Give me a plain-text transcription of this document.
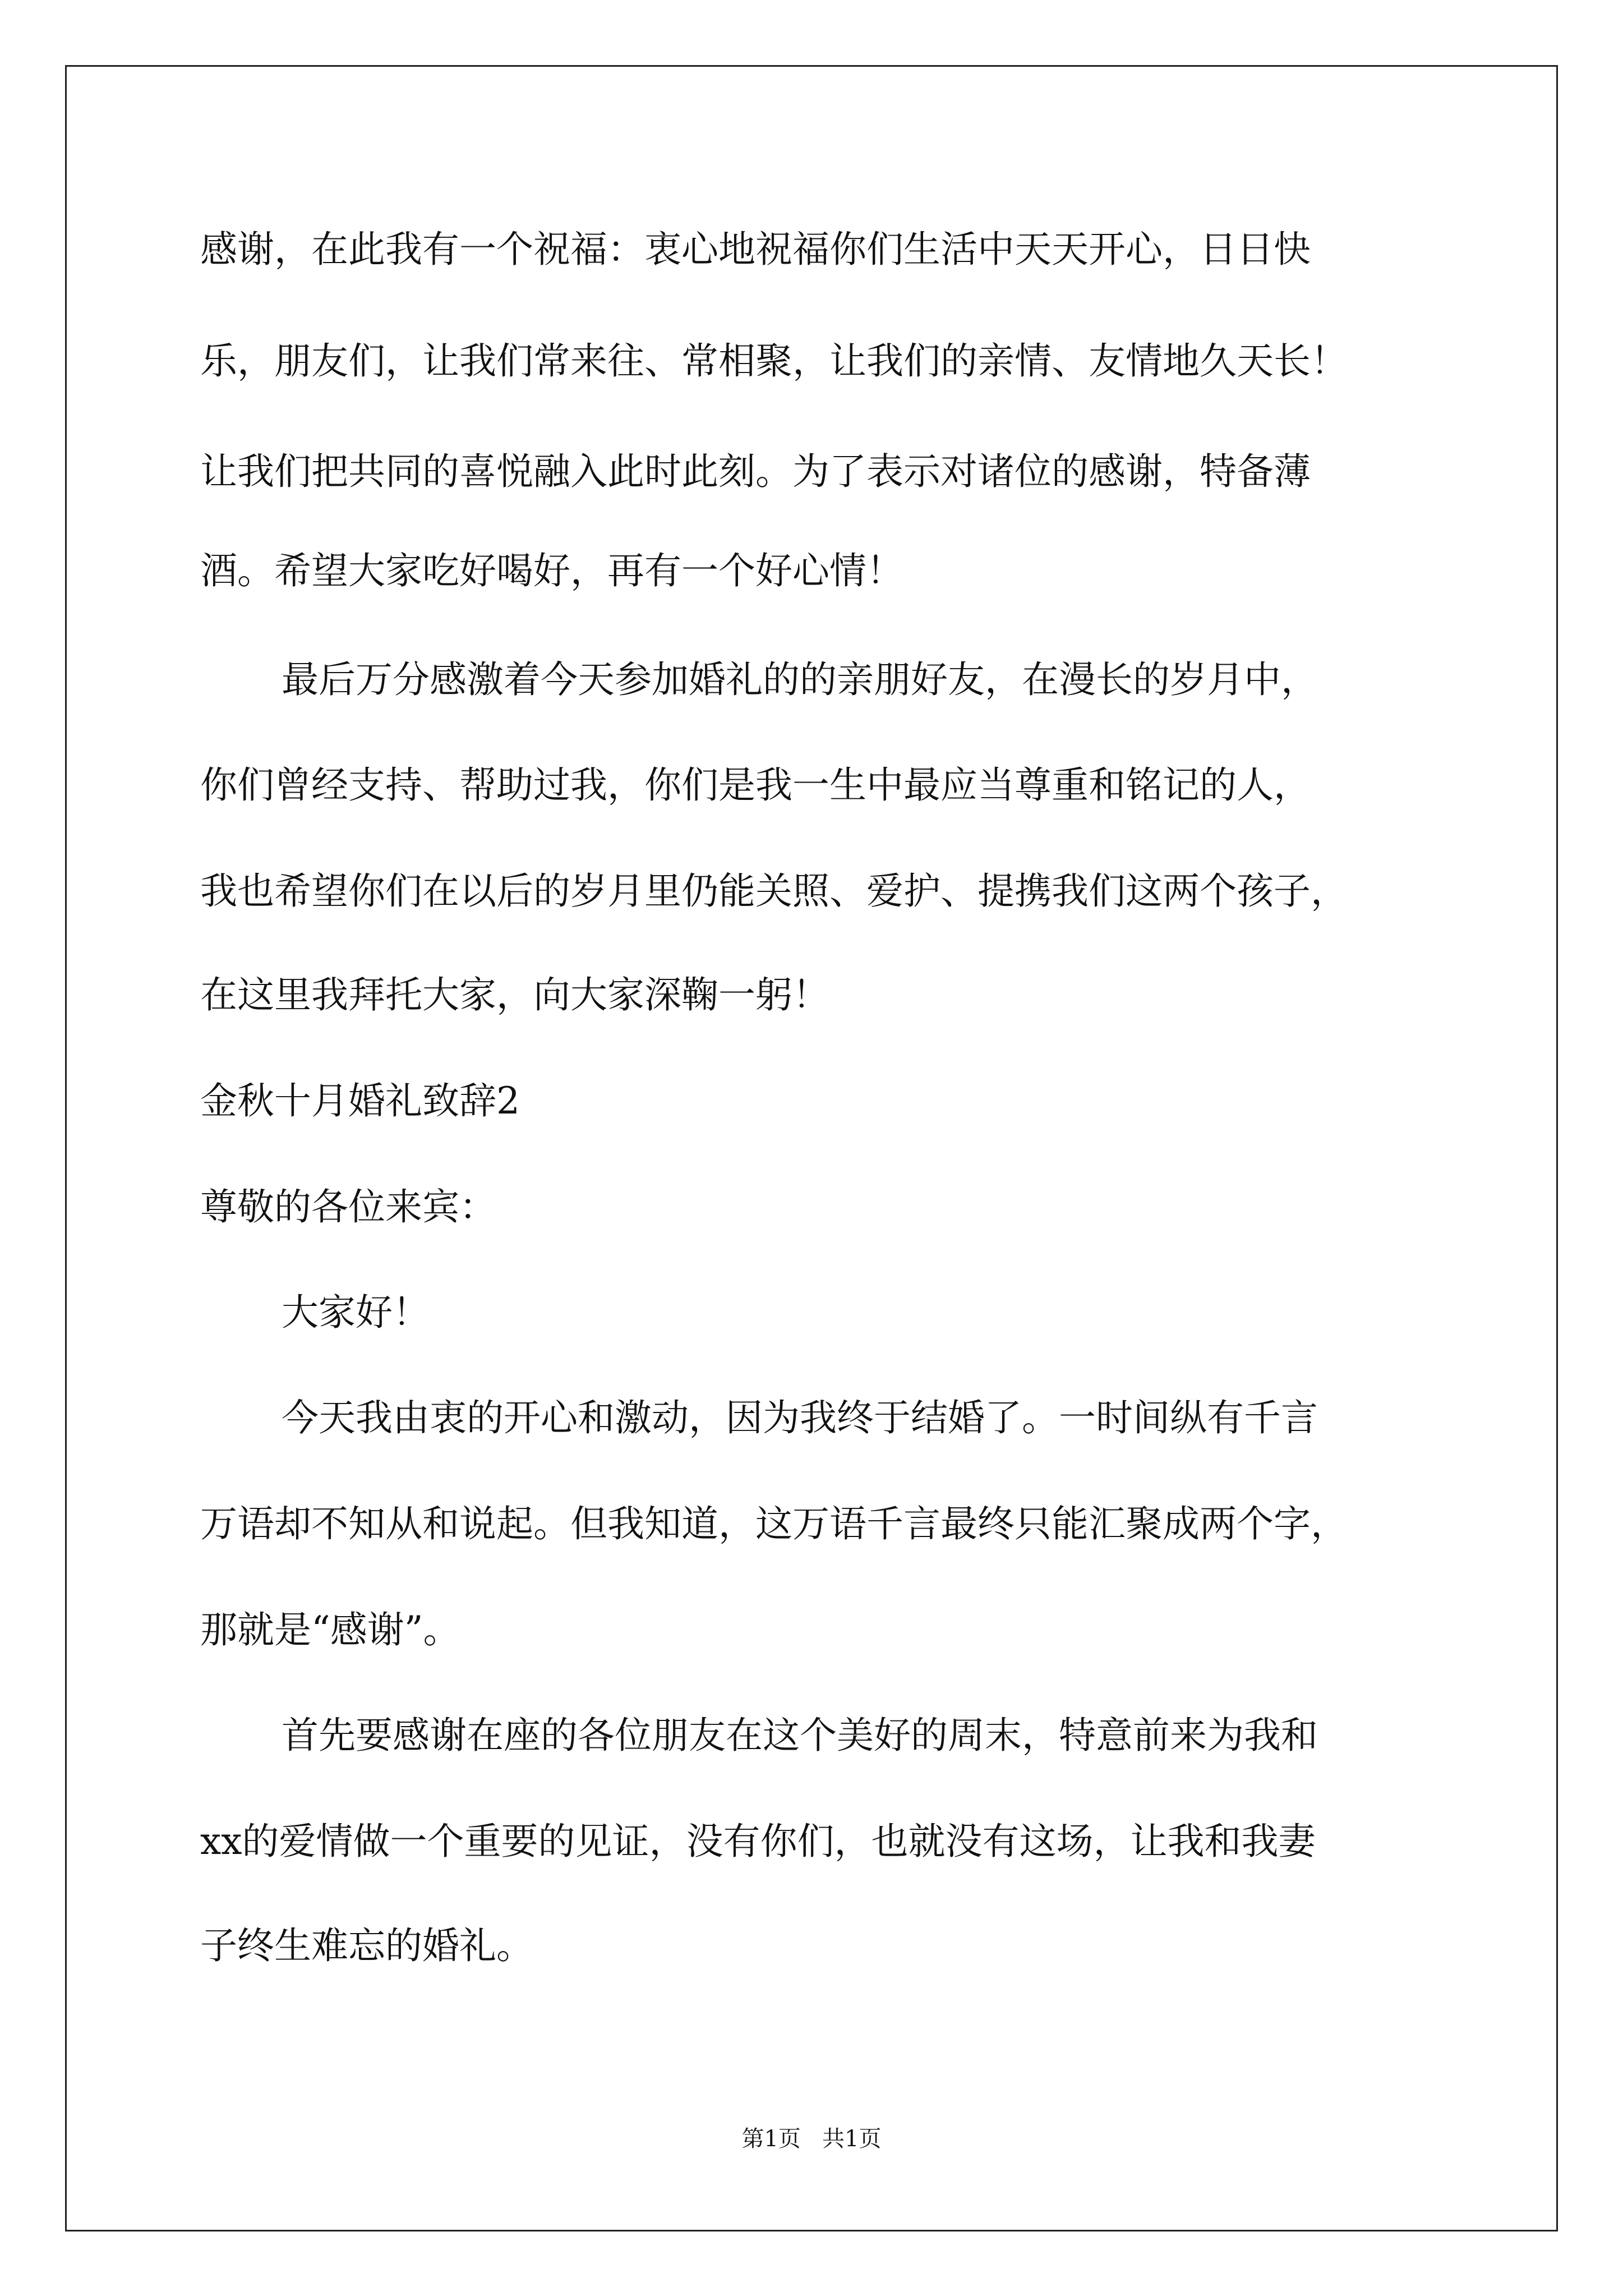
感谢，在此我有一个祝福：衷心地祝福你们生活中天天开心，日日快
乐，朋友们，让我们常来往、常相聚，让我们的亲情、友情地久天长！
让我们把共同的喜悦融入此时此刻。为了表示对诸位的感谢，特备薄
酒。希望大家吃好喝好，再有一个好心情！
最后万分感激着今天参加婚礼的的亲朋好友，在漫长的岁月中，
你们曾经支持、帮助过我，你们是我一生中最应当尊重和铭记的人，
我也希望你们在以后的岁月里仍能关照、爱护、提携我们这两个孩子，
在这里我拜托大家，向大家深鞠一躬！
金秋十月婚礼致辞2
尊敬的各位来宾：
大家好！
今天我由衷的开心和激动，因为我终于结婚了。一时间纵有千言
万语却不知从和说起。但我知道，这万语千言最终只能汇聚成两个字，
那就是“感谢”。
首先要感谢在座的各位朋友在这个美好的周末，特意前来为我和
xx的爱情做一个重要的见证，没有你们，也就没有这场，让我和我妻
子终生难忘的婚礼。
第1页   共1页
